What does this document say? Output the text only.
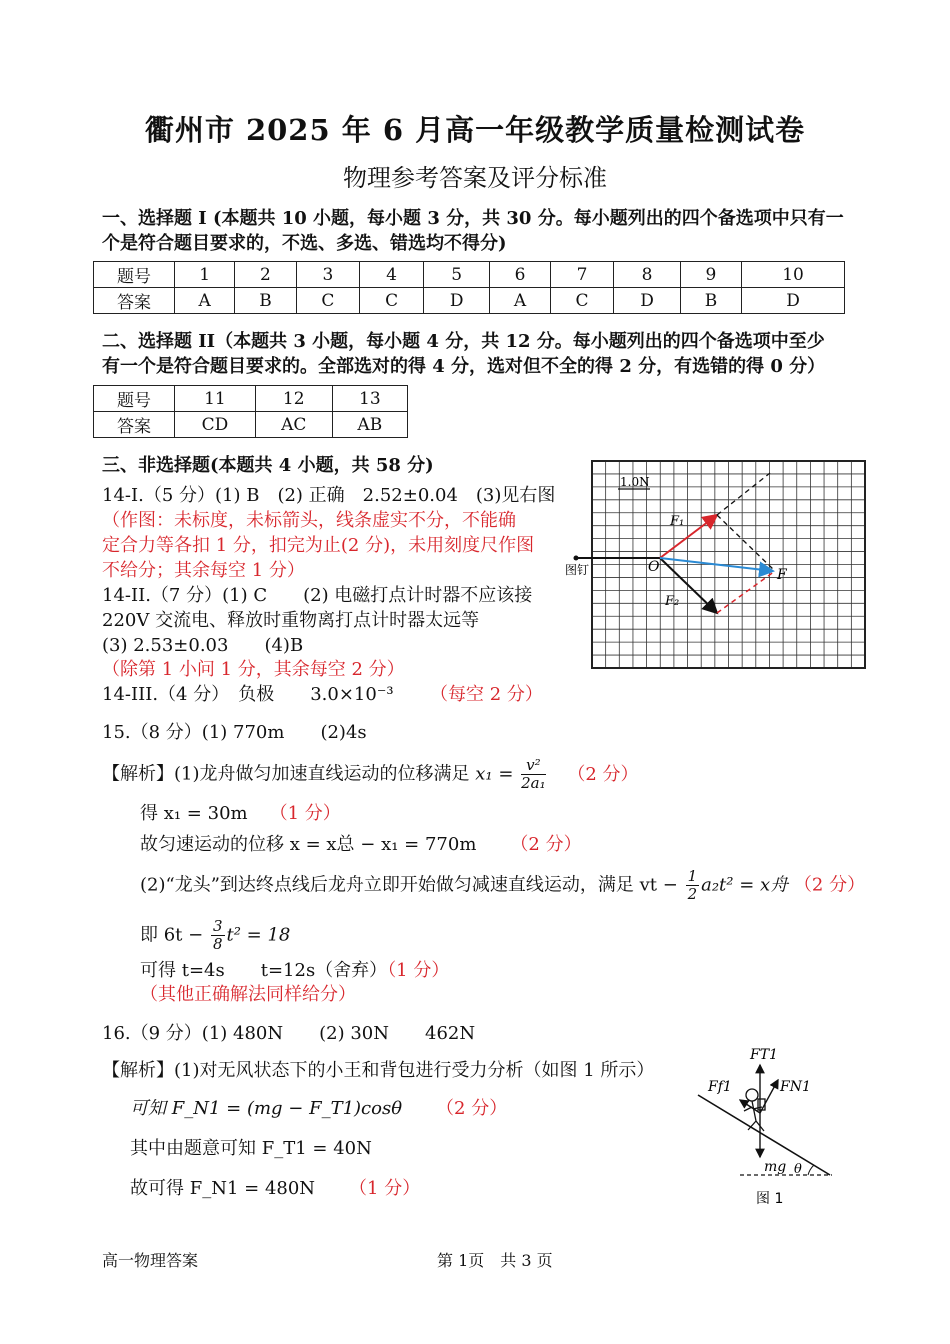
衢州市 2025 年 6 月高一年级教学质量检测试卷
物理参考答案及评分标准
一、选择题 I (本题共 10 小题，每小题 3 分，共 30 分。每小题列出的四个备选项中只有一
个是符合题目要求的，不选、多选、错选均不得分)
题号	1	2	3	4	5	6	7	8	9	10
答案	A	B	C	C	D	A	C	D	B	D
二、选择题 II（本题共 3 小题，每小题 4 分，共 12 分。每小题列出的四个备选项中至少
有一个是符合题目要求的。全部选对的得 4 分，选对但不全的得 2 分，有选错的得 0 分）
题号	11	12	13
答案	CD	AC	AB
三、非选择题(本题共 4 小题，共 58 分)
14-I.（5 分）(1) B　(2) 正确　2.52±0.04　(3)见右图
（作图：未标度，未标箭头，线条虚实不分，不能确
定合力等各扣 1 分，扣完为止(2 分)，未用刻度尺作图
不给分；其余每空 1 分）
14-II.（7 分）(1) C　　(2) 电磁打点计时器不应该接
220V 交流电、释放时重物离打点计时器太远等
(3) 2.53±0.03　　(4)B
（除第 1 小问 1 分，其余每空 2 分）
14-III.（4 分）　负极　　3.0×10⁻³ （每空 2 分）
图钉
1.0N
O
F₁
F₂
F
15.（8 分）(1) 770m　　(2)4s
【解析】(1)龙舟做匀加速直线运动的位移满足 $x_1 = \frac{\text{v²}}{\text{2a₁}} (2$ 分）
得 x₁ = 30m （1 分）
故匀速运动的位移 x = x总 − x₁ = 770m （2 分）
(2)“龙头”到达终点线后龙舟立即开始做匀减速直线运动，满足 vt − $\frac{1}{2} a_2t^2 = x$舟 （2 分）
即 $6t - \frac{3}{8} t^2 = 18$
可得 t=4s　　t=12s（舍弃）（1 分）
（其他正确解法同样给分）
16.（9 分）(1) 480N　　(2) 30N　　462N
【解析】(1)对无风状态下的小王和背包进行受力分析（如图 1 所示）
可知 F_N1 = (mg − F_T1)cosθ （2 分）
其中由题意可知 F_T1 = 40N
故可得 F_N1 = 480N （1 分）
FT1
FN1
Ff1
mg θ
图 1
高一物理答案	第 1页　共 3 页
